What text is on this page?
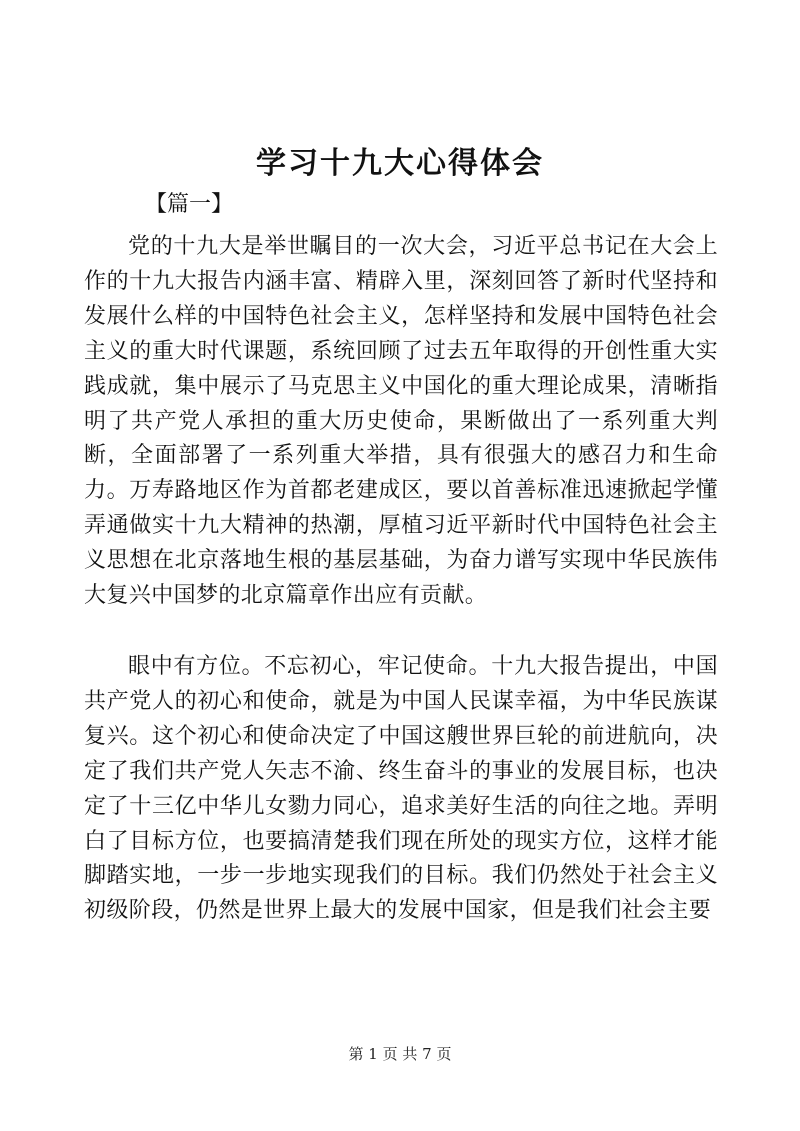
学习十九大心得体会

【篇一】

党的十九大是举世瞩目的一次大会，习近平总书记在大会上作的十九大报告内涵丰富、精辟入里，深刻回答了新时代坚持和发展什么样的中国特色社会主义，怎样坚持和发展中国特色社会主义的重大时代课题，系统回顾了过去五年取得的开创性重大实践成就，集中展示了马克思主义中国化的重大理论成果，清晰指明了共产党人承担的重大历史使命，果断做出了一系列重大判断，全面部署了一系列重大举措，具有很强大的感召力和生命力。万寿路地区作为首都老建成区，要以首善标准迅速掀起学懂弄通做实十九大精神的热潮，厚植习近平新时代中国特色社会主义思想在北京落地生根的基层基础，为奋力谱写实现中华民族伟大复兴中国梦的北京篇章作出应有贡献。

眼中有方位。不忘初心，牢记使命。十九大报告提出，中国共产党人的初心和使命，就是为中国人民谋幸福，为中华民族谋复兴。这个初心和使命决定了中国这艘世界巨轮的前进航向，决定了我们共产党人矢志不渝、终生奋斗的事业的发展目标，也决定了十三亿中华儿女勠力同心，追求美好生活的向往之地。弄明白了目标方位，也要搞清楚我们现在所处的现实方位，这样才能脚踏实地，一步一步地实现我们的目标。我们仍然处于社会主义初级阶段，仍然是世界上最大的发展中国家，但是我们社会主要

第 1 页 共 7 页
